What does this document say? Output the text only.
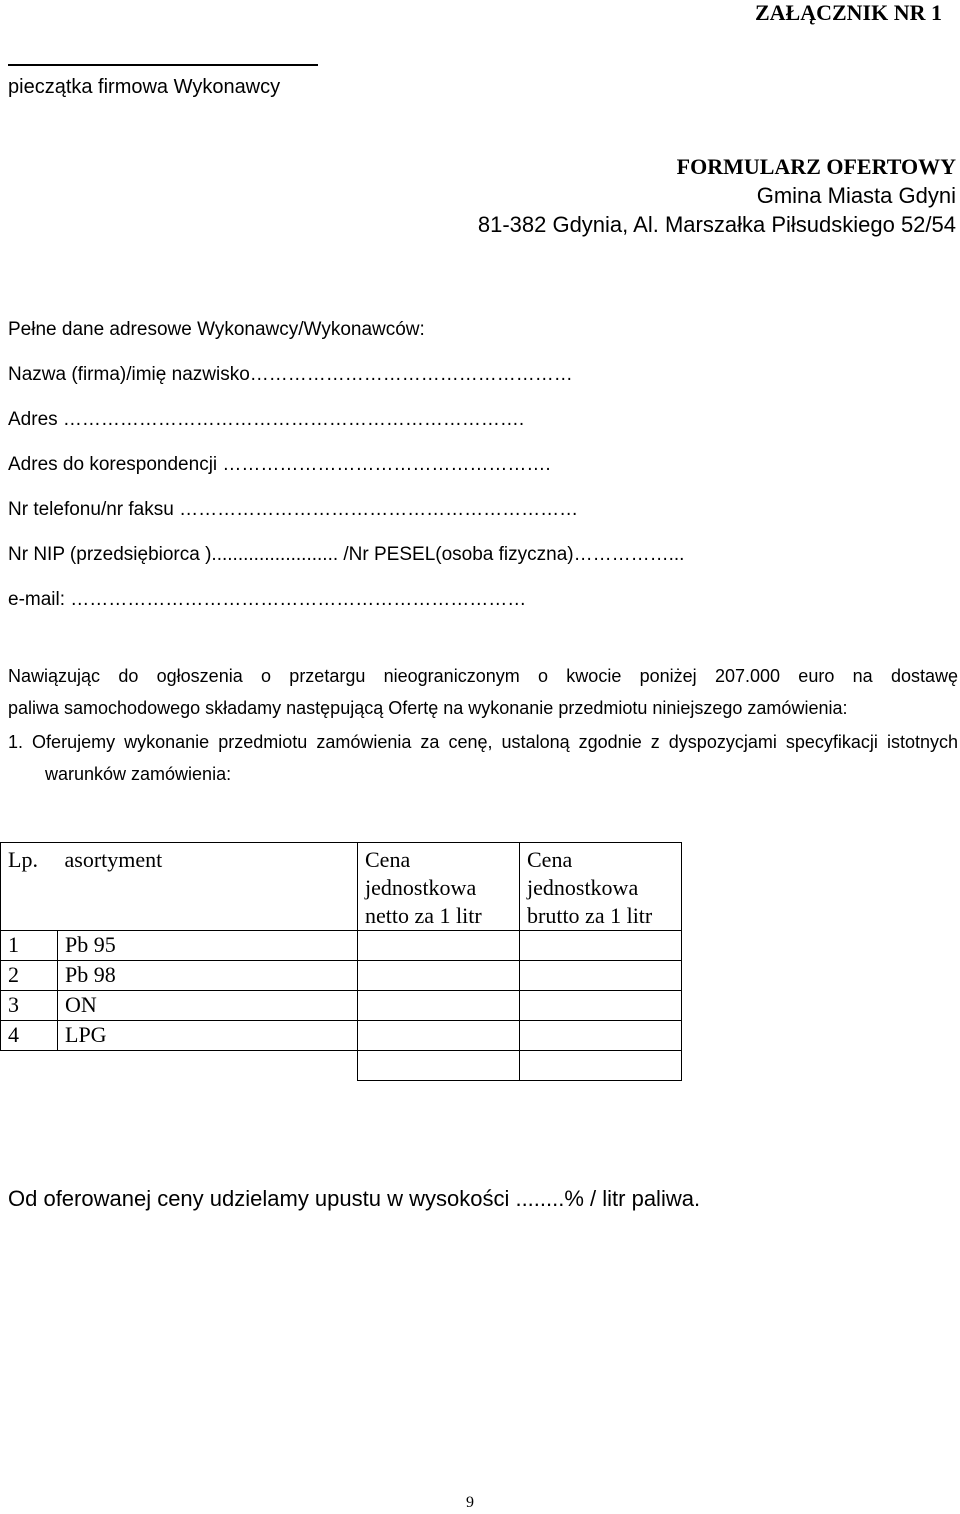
ZAŁĄCZNIK NR 1
pieczątka firmowa Wykonawcy
FORMULARZ OFERTOWY
Gmina Miasta Gdyni
81-382 Gdynia, Al. Marszałka Piłsudskiego 52/54
Pełne dane adresowe Wykonawcy/Wykonawców:
Nazwa (firma)/imię nazwisko……………………………………………
Adres ……………………………………………………………….
Adres do korespondencji …………………………………………….
Nr telefonu/nr faksu ………………………………………………………
Nr NIP (przedsiębiorca )........................ /Nr PESEL(osoba fizyczna)……………...
e-mail: ………………………………………………………………
Nawiązując do ogłoszenia o przetargu nieograniczonym o kwocie poniżej 207.000 euro na dostawę
paliwa samochodowego składamy następującą Ofertę na wykonanie przedmiotu niniejszego zamówienia:
1. Oferujemy wykonanie przedmiotu zamówienia za cenę, ustaloną zgodnie z dyspozycjami specyfikacji istotnych warunków zamówienia:
Lp.	asortyment	Cena jednostkowa netto za 1 litr	Cena jednostkowa brutto za 1 litr
1	Pb 95		
2	Pb 98		
3	ON		
4	LPG		

Od oferowanej ceny udzielamy upustu w wysokości ........% / litr paliwa.
9
